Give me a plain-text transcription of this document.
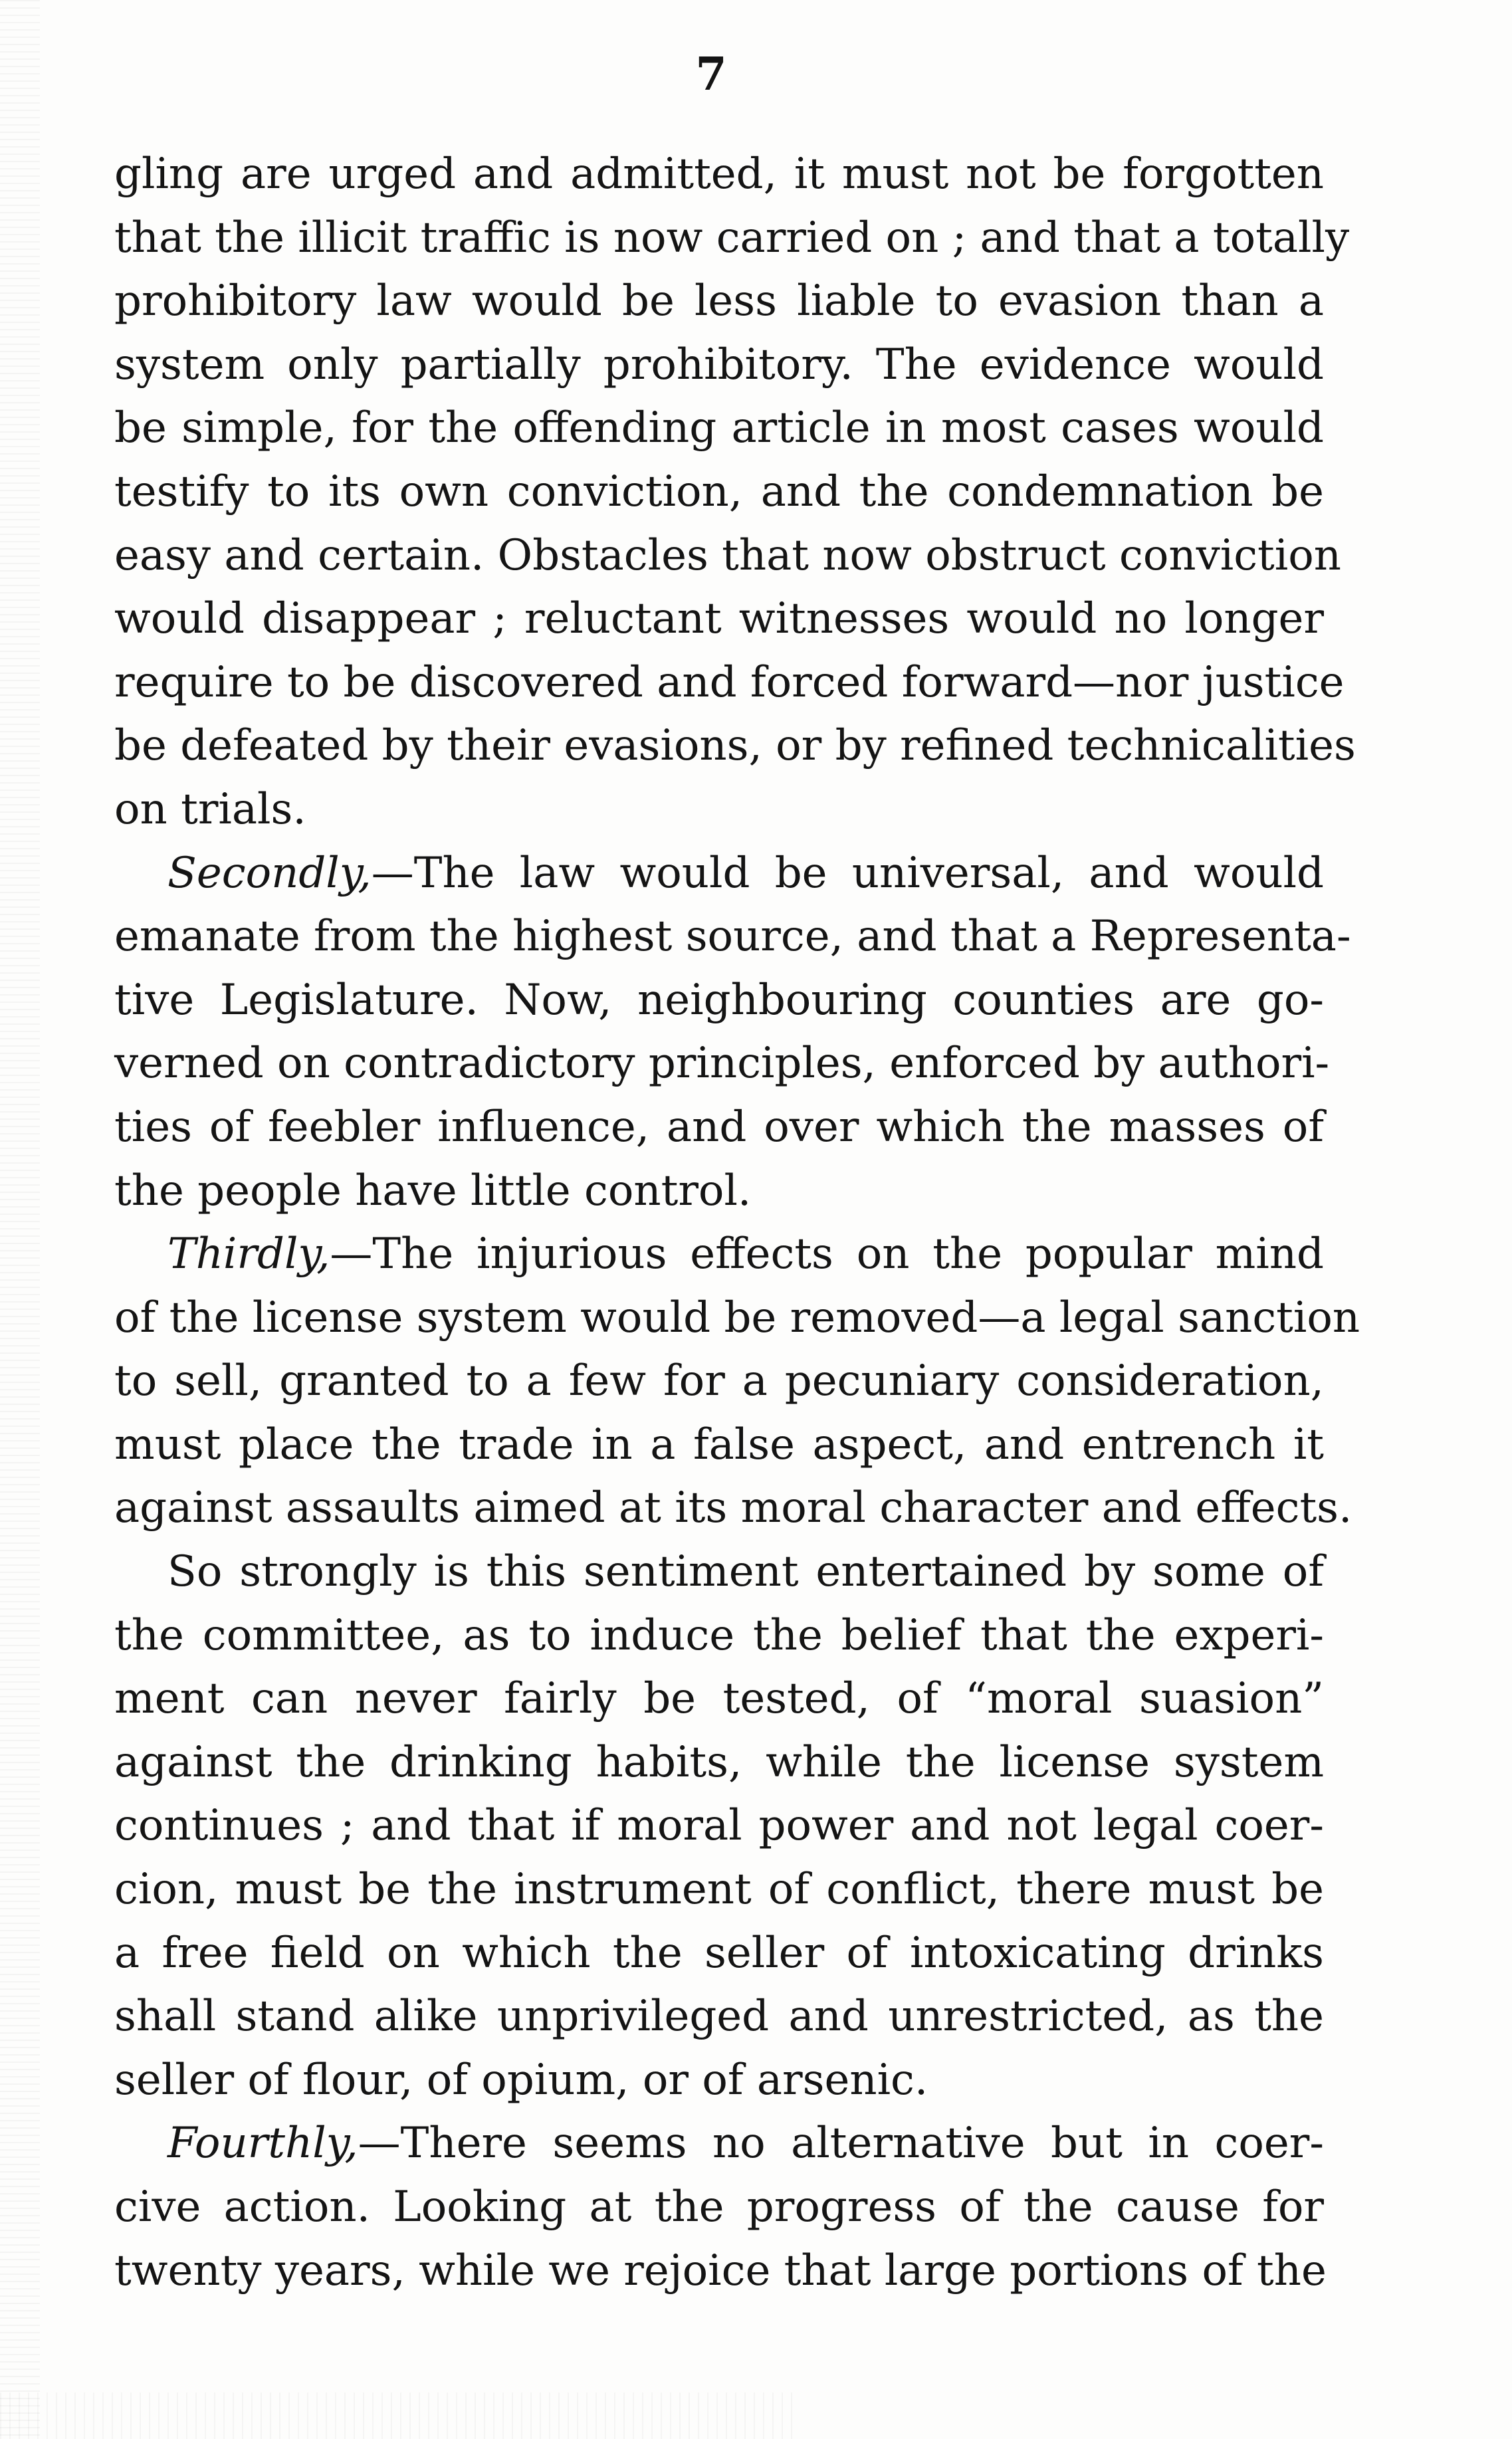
7
gling are urged and admitted, it must not be forgotten
that the illicit traffic is now carried on ; and that a totally
prohibitory law would be less liable to evasion than a
system only partially prohibitory. The evidence would
be simple, for the offending article in most cases would
testify to its own conviction, and the condemnation be
easy and certain. Obstacles that now obstruct conviction
would disappear ; reluctant witnesses would no longer
require to be discovered and forced forward—nor justice
be defeated by their evasions, or by refined technicalities
on trials.
Secondly,—The law would be universal, and would
emanate from the highest source, and that a Representa-
tive Legislature. Now, neighbouring counties are go-
verned on contradictory principles, enforced by authori-
ties of feebler influence, and over which the masses of
the people have little control.
Thirdly,—The injurious effects on the popular mind
of the license system would be removed—a legal sanction
to sell, granted to a few for a pecuniary consideration,
must place the trade in a false aspect, and entrench it
against assaults aimed at its moral character and effects.
So strongly is this sentiment entertained by some of
the committee, as to induce the belief that the experi-
ment can never fairly be tested, of “moral suasion”
against the drinking habits, while the license system
continues ; and that if moral power and not legal coer-
cion, must be the instrument of conflict, there must be
a free field on which the seller of intoxicating drinks
shall stand alike unprivileged and unrestricted, as the
seller of flour, of opium, or of arsenic.
Fourthly,—There seems no alternative but in coer-
cive action. Looking at the progress of the cause for
twenty years, while we rejoice that large portions of the
